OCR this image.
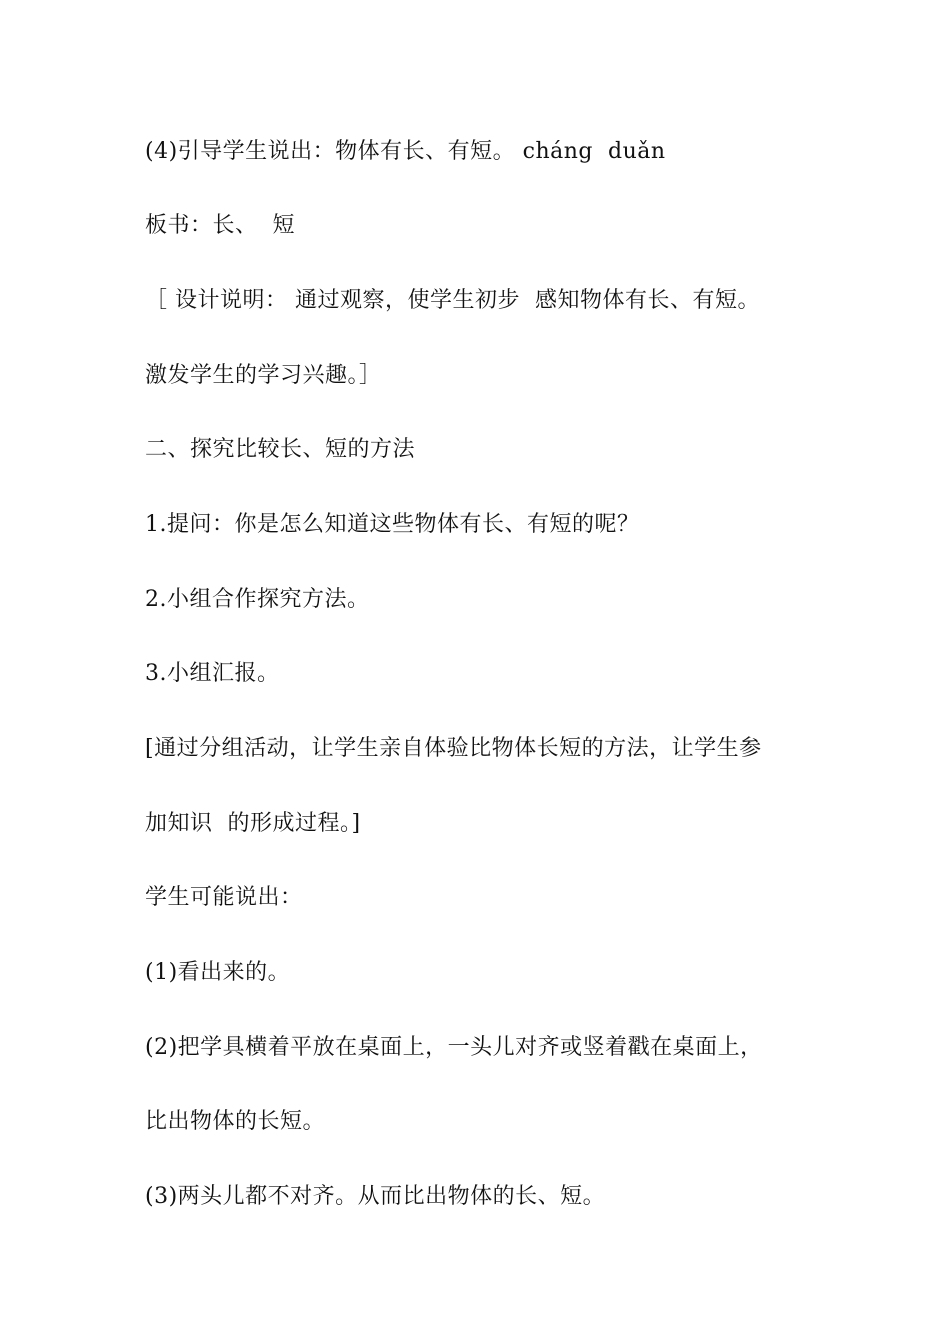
(4)引导学生说出：物体有长、有短。 cháng  duǎn
板书：长、  短
［ 设计说明： 通过观察，使学生初步  感知物体有长、有短。
激发学生的学习兴趣。］
二、探究比较长、短的方法
1.提问：你是怎么知道这些物体有长、有短的呢？
2.小组合作探究方法。
3.小组汇报。
[通过分组活动，让学生亲自体验比物体长短的方法，让学生参
加知识  的形成过程。]
学生可能说出：
(1)看出来的。
(2)把学具横着平放在桌面上，一头儿对齐或竖着戳在桌面上，
比出物体的长短。
(3)两头儿都不对齐。从而比出物体的长、短。
